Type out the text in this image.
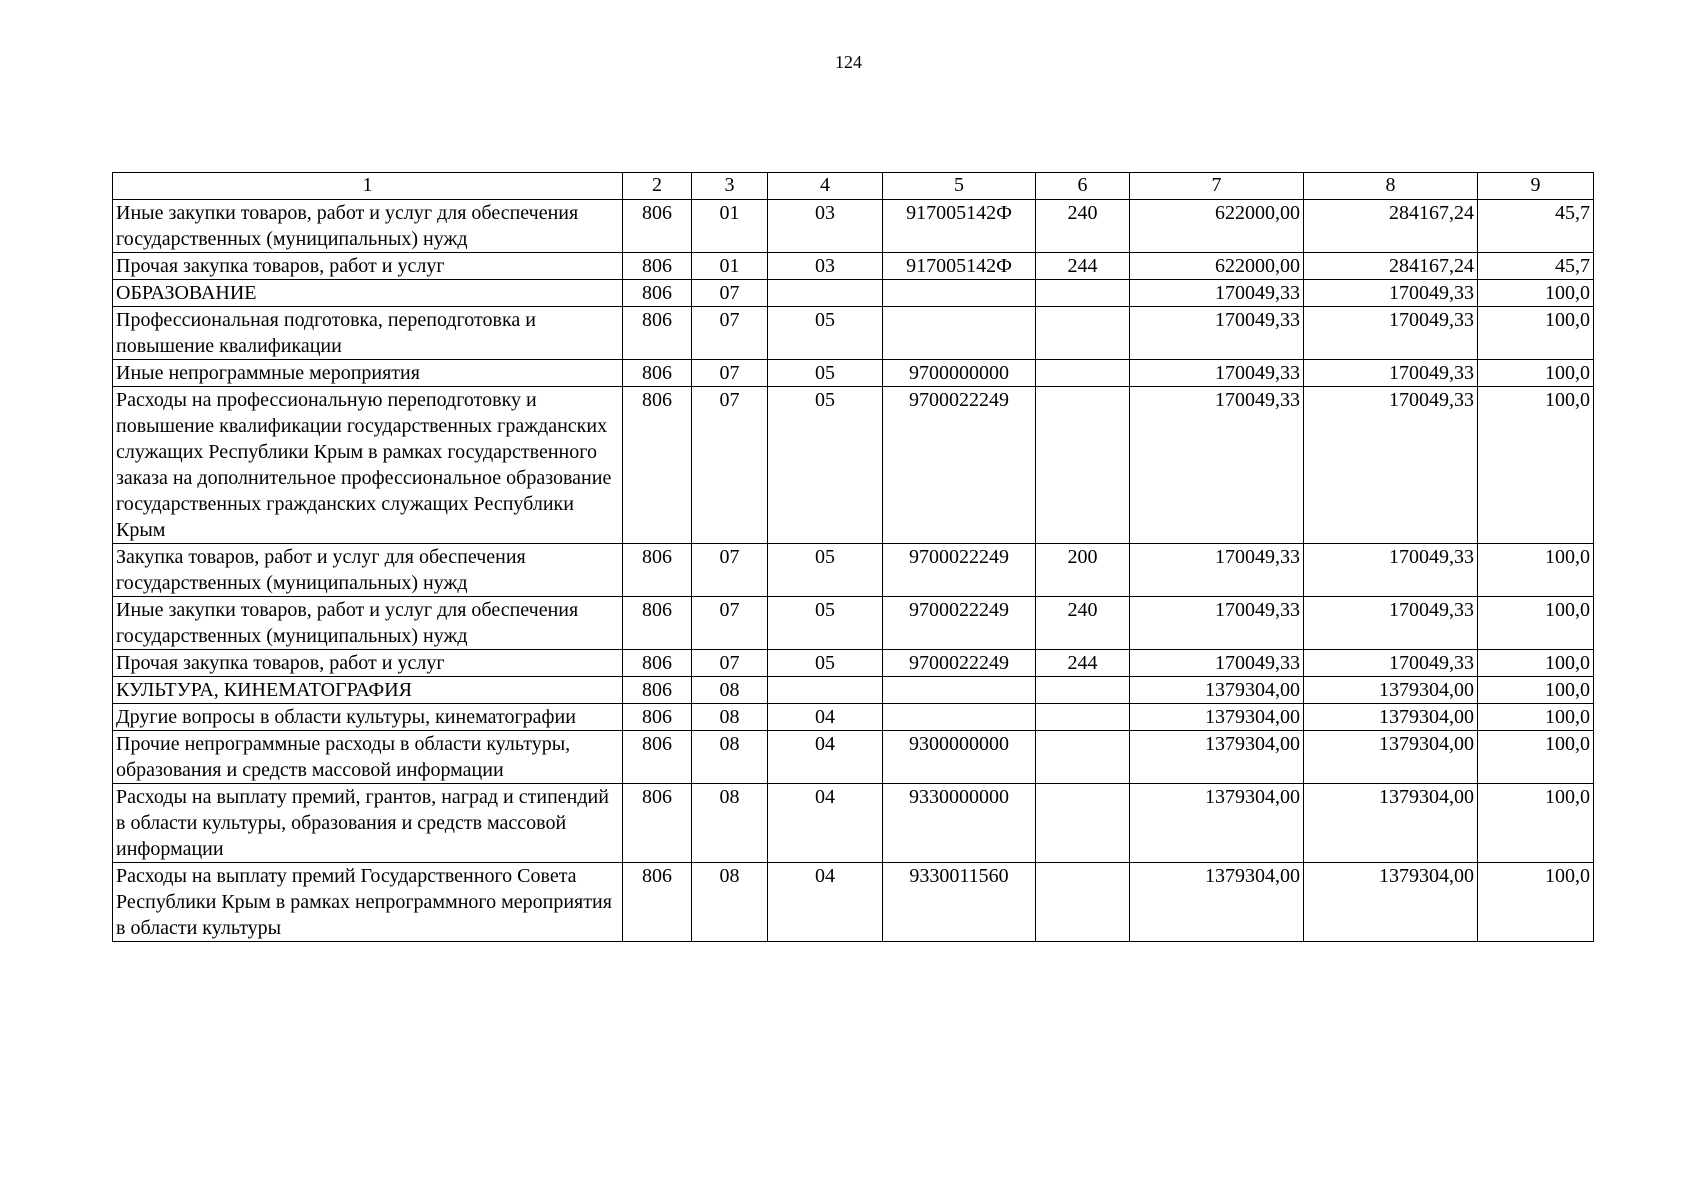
124
1	2	3	4	5	6	7	8	9
Иные закупки товаров, работ и услуг для обеспечения государственных (муниципальных) нужд	806	01	03	917005142Ф	240	622000,00	284167,24	45,7
Прочая закупка товаров, работ и услуг	806	01	03	917005142Ф	244	622000,00	284167,24	45,7
ОБРАЗОВАНИЕ	806	07				170049,33	170049,33	100,0
Профессиональная подготовка, переподготовка и повышение квалификации	806	07	05			170049,33	170049,33	100,0
Иные непрограммные мероприятия	806	07	05	9700000000		170049,33	170049,33	100,0
Расходы на профессиональную переподготовку и повышение квалификации государственных гражданских служащих Республики Крым в рамках государственного заказа на дополнительное профессиональное образование государственных гражданских служащих Республики Крым	806	07	05	9700022249		170049,33	170049,33	100,0
Закупка товаров, работ и услуг для обеспечения государственных (муниципальных) нужд	806	07	05	9700022249	200	170049,33	170049,33	100,0
Иные закупки товаров, работ и услуг для обеспечения государственных (муниципальных) нужд	806	07	05	9700022249	240	170049,33	170049,33	100,0
Прочая закупка товаров, работ и услуг	806	07	05	9700022249	244	170049,33	170049,33	100,0
КУЛЬТУРА, КИНЕМАТОГРАФИЯ	806	08				1379304,00	1379304,00	100,0
Другие вопросы в области культуры, кинематографии	806	08	04			1379304,00	1379304,00	100,0
Прочие непрограммные расходы в области культуры, образования и средств массовой информации	806	08	04	9300000000		1379304,00	1379304,00	100,0
Расходы на выплату премий, грантов, наград и стипендий в области культуры, образования и средств массовой информации	806	08	04	9330000000		1379304,00	1379304,00	100,0
Расходы на выплату премий Государственного Совета Республики Крым в рамках непрограммного мероприятия в области культуры	806	08	04	9330011560		1379304,00	1379304,00	100,0
